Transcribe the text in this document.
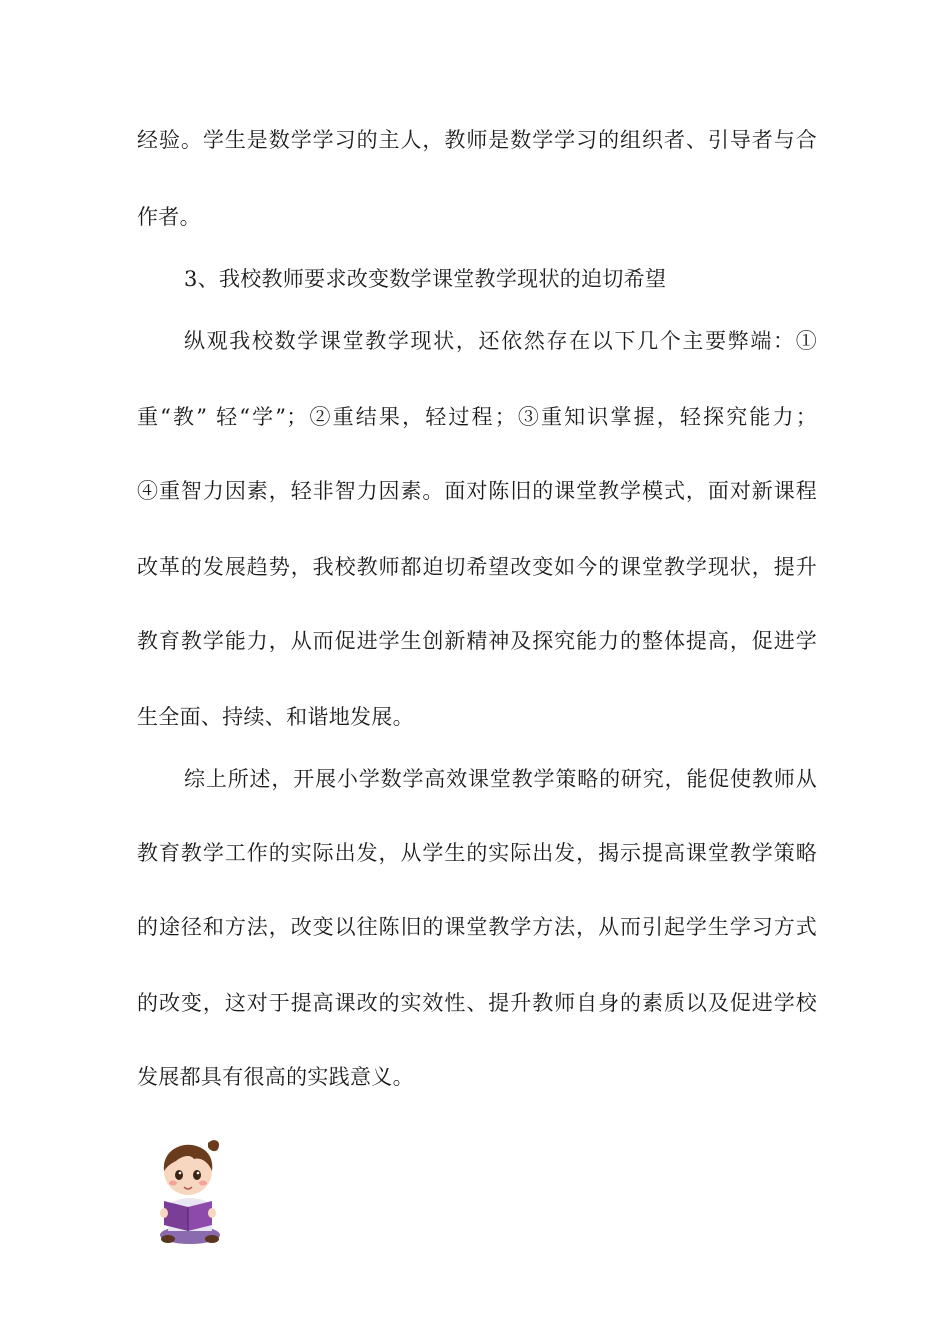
经验。学生是数学学习的主人，教师是数学学习的组织者、引导者与合
作者。
3、我校教师要求改变数学课堂教学现状的迫切希望
纵观我校数学课堂教学现状，还依然存在以下几个主要弊端：①
重“教” 轻“学”；②重结果，轻过程；③重知识掌握，轻探究能力；
④重智力因素，轻非智力因素。面对陈旧的课堂教学模式，面对新课程
改革的发展趋势，我校教师都迫切希望改变如今的课堂教学现状，提升
教育教学能力，从而促进学生创新精神及探究能力的整体提高，促进学
生全面、持续、和谐地发展。
综上所述，开展小学数学高效课堂教学策略的研究，能促使教师从
教育教学工作的实际出发，从学生的实际出发，揭示提高课堂教学策略
的途径和方法，改变以往陈旧的课堂教学方法，从而引起学生学习方式
的改变，这对于提高课改的实效性、提升教师自身的素质以及促进学校
发展都具有很高的实践意义。
